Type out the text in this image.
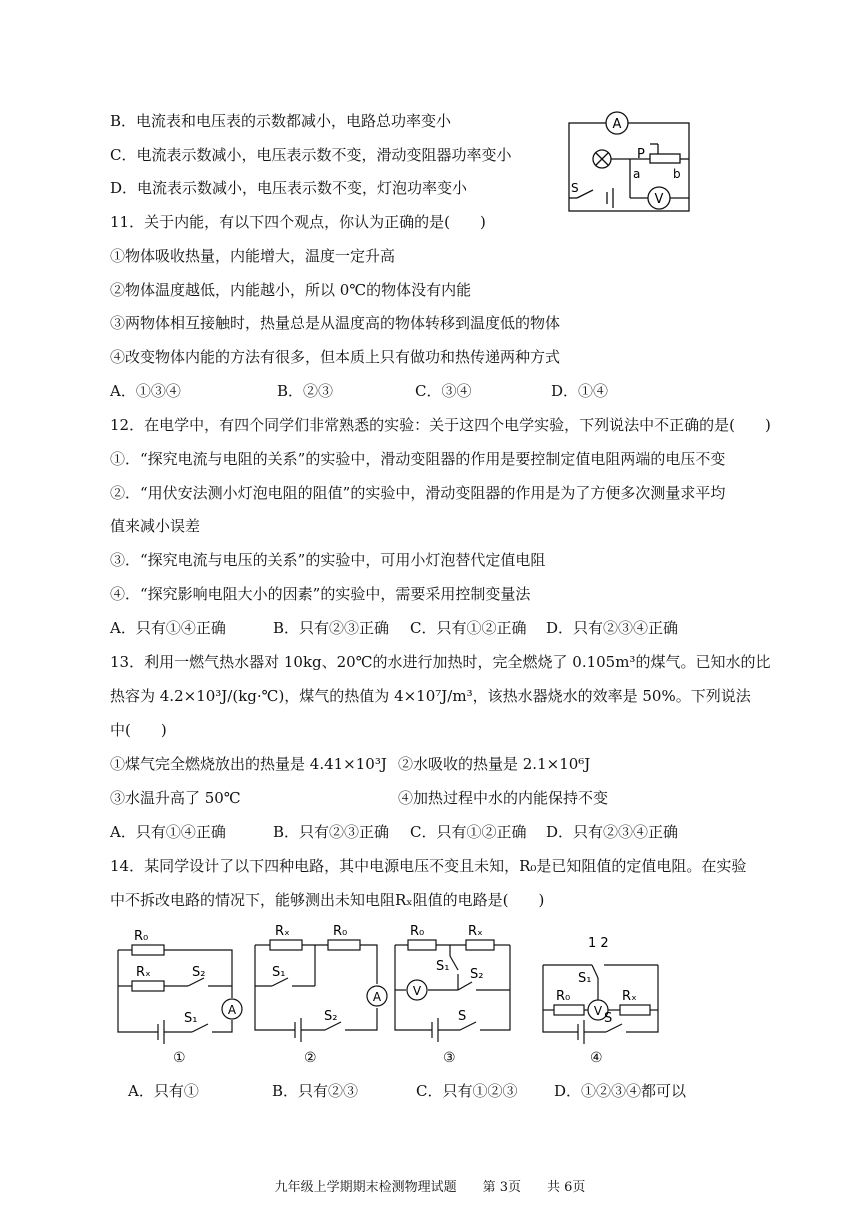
B．电流表和电压表的示数都减小，电路总功率变小
C．电流表示数减小，电压表示数不变，滑动变阻器功率变小
D．电流表示数减小，电压表示数不变，灯泡功率变小
A
V
P
a	b
S
11．关于内能，有以下四个观点，你认为正确的是(　　)
①物体吸收热量，内能增大，温度一定升高
②物体温度越低，内能越小，所以 0℃的物体没有内能
③两物体相互接触时，热量总是从温度高的物体转移到温度低的物体
④改变物体内能的方法有很多，但本质上只有做功和热传递两种方式
A．①③④	B．②③	C．③④	D．①④
12．在电学中，有四个同学们非常熟悉的实验：关于这四个电学实验，下列说法中不正确的是(　　)
①．“探究电流与电阻的关系”的实验中，滑动变阻器的作用是要控制定值电阻两端的电压不变
②．“用伏安法测小灯泡电阻的阻值”的实验中，滑动变阻器的作用是为了方便多次测量求平均
值来减小误差
③．“探究电流与电压的关系”的实验中，可用小灯泡替代定值电阻
④．“探究影响电阻大小的因素”的实验中，需要采用控制变量法
A．只有①④正确	B．只有②③正确	C．只有①②正确	D．只有②③④正确
13．利用一燃气热水器对 10kg、20℃的水进行加热时，完全燃烧了 0.105m³的煤气。已知水的比
热容为 4.2×10³J/(kg·℃)，煤气的热值为 4×10⁷J/m³，该热水器烧水的效率是 50%。下列说法
中(　　)
①煤气完全燃烧放出的热量是 4.41×10³J ②水吸收的热量是 2.1×10⁶J
③水温升高了 50℃	④加热过程中水的内能保持不变
A．只有①④正确	B．只有②③正确	C．只有①②正确	D．只有②③④正确
14．某同学设计了以下四种电路，其中电源电压不变且未知，R₀是已知阻值的定值电阻。在实验
中不拆改电路的情况下，能够测出未知电阻Rₓ阻值的电路是(　　)
A
A	V
V
R₀
Rₓ	S₂
S₁
Rₓ	R₀
S₁
S₂
R₀	Rₓ
S₁
S₂
S
1 2
S₁
R₀	Rₓ
S
①	②	③	④
A．只有①	B．只有②③	C．只有①②③	D．①②③④都可以
九年级上学期期末检测物理试题　　第 3页　　共 6页
